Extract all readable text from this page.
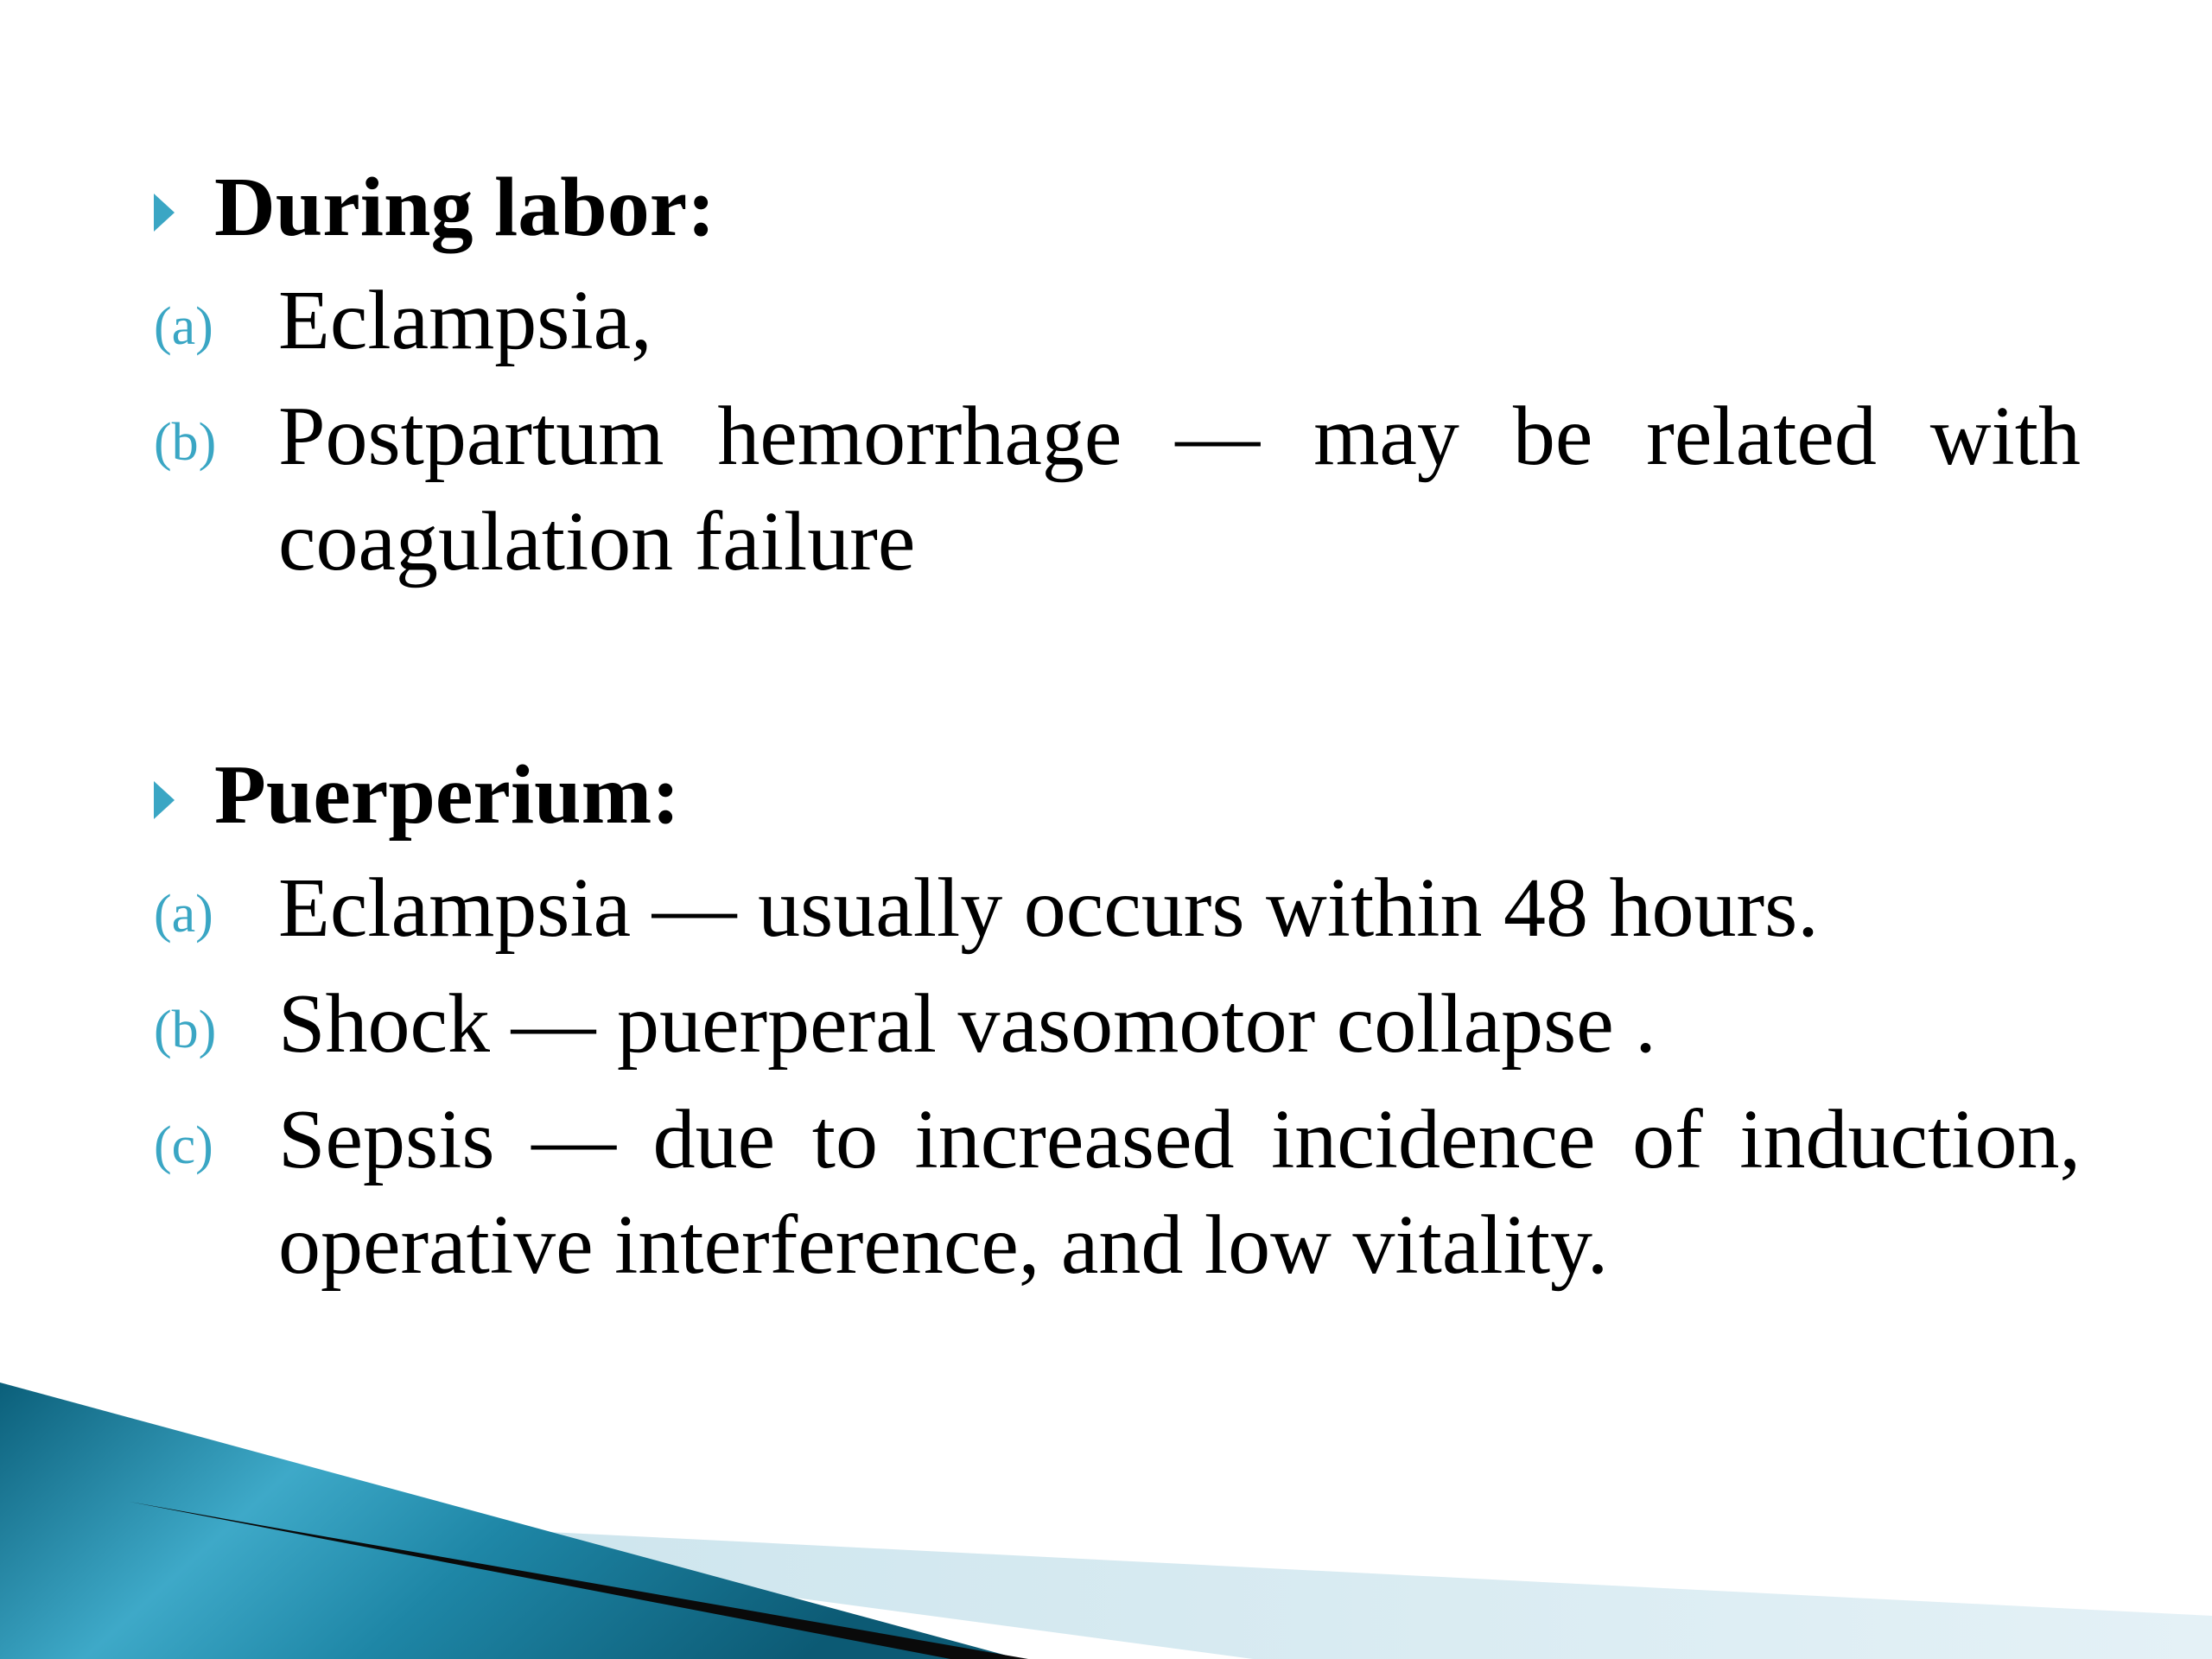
During labor:
(a) Eclampsia,
(b) Postpartum hemorrhage — may be related with coagulation failure
Puerperium:
(a) Eclampsia — usually occurs within 48 hours.
(b) Shock — puerperal vasomotor collapse .
(c) Sepsis — due to increased incidence of induction, operative interference, and low vitality.
